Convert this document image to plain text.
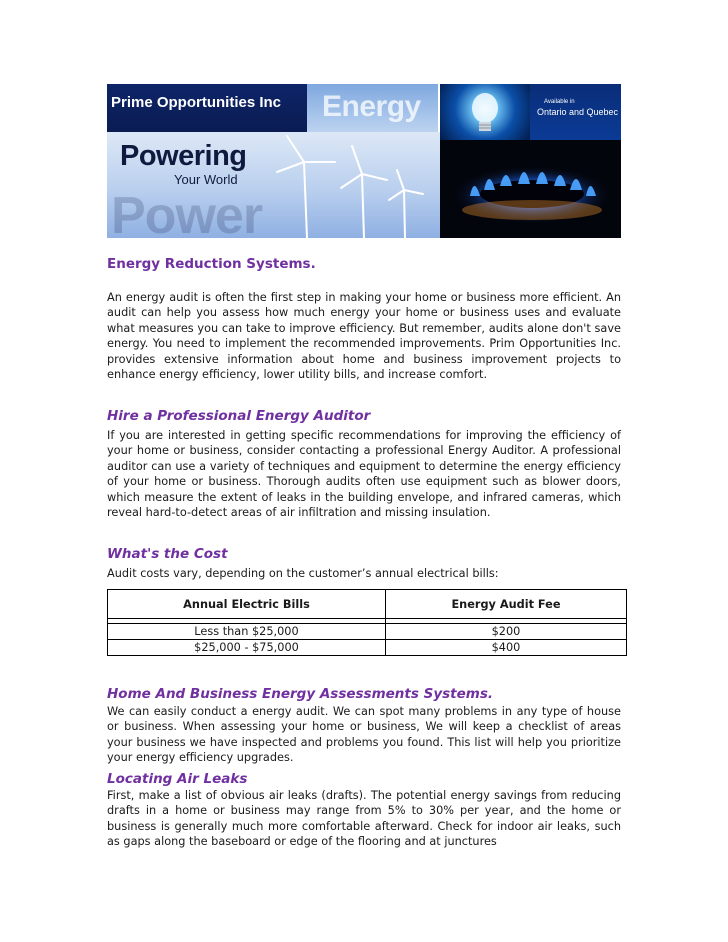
Prime Opportunities Inc Energy	Available in
Ontario and Quebec
Power
Powering
Your World
Energy Reduction Systems.

An energy audit is often the first step in making your home or business more efficient. An audit can help you assess how much energy your home or business uses and evaluate what measures you can take to improve efficiency. But remember, audits alone don't save energy. You need to implement the recommended improvements. Prim Opportunities Inc. provides extensive information about home and business improvement projects to enhance energy efficiency, lower utility bills, and increase comfort.

Hire a Professional Energy Auditor

If you are interested in getting specific recommendations for improving the efficiency of your home or business, consider contacting a professional Energy Auditor. A professional auditor can use a variety of techniques and equipment to determine the energy efficiency of your home or business. Thorough audits often use equipment such as blower doors, which measure the extent of leaks in the building envelope, and infrared cameras, which reveal hard-to-detect areas of air infiltration and missing insulation.

What's the Cost

Audit costs vary, depending on the customer’s annual electrical bills:

Annual Electric Bills	Energy Audit Fee

Less than $25,000	$200
$25,000 - $75,000	$400
Home And Business Energy Assessments Systems.

We can easily conduct a energy audit. We can spot many problems in any type of house or business. When assessing your home or business, We will keep a checklist of areas your business we have inspected and problems you found. This list will help you prioritize your energy efficiency upgrades.

Locating Air Leaks

First, make a list of obvious air leaks (drafts). The potential energy savings from reducing drafts in a home or business may range from 5% to 30% per year, and the home or business is generally much more comfortable afterward. Check for indoor air leaks, such as gaps along the baseboard or edge of the flooring and at junctures
